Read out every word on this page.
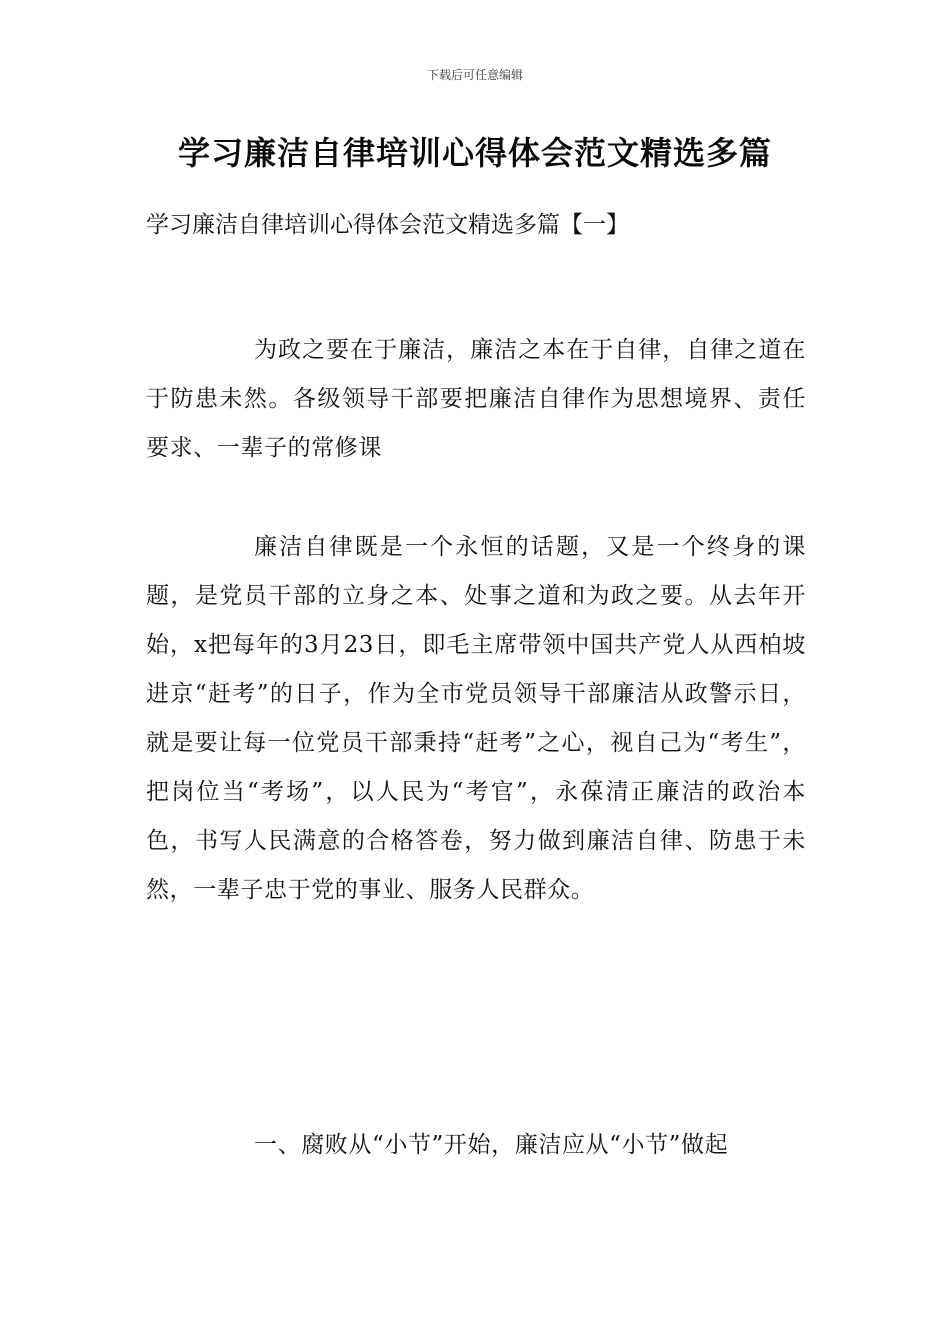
下载后可任意编辑
学习廉洁自律培训心得体会范文精选多篇
学习廉洁自律培训心得体会范文精选多篇【一】

为政之要在于廉洁，廉洁之本在于自律，自律之道在于防患未然。各级领导干部要把廉洁自律作为思想境界、责任要求、一辈子的常修课

廉洁自律既是一个永恒的话题，又是一个终身的课题，是党员干部的立身之本、处事之道和为政之要。从去年开始，x把每年的3月23日，即毛主席带领中国共产党人从西柏坡进京“赶考”的日子，作为全市党员领导干部廉洁从政警示日，就是要让每一位党员干部秉持“赶考”之心，视自己为“考生”，把岗位当“考场”，以人民为“考官”，永葆清正廉洁的政治本色，书写人民满意的合格答卷，努力做到廉洁自律、防患于未然，一辈子忠于党的事业、服务人民群众。

一、腐败从“小节”开始，廉洁应从“小节”做起
